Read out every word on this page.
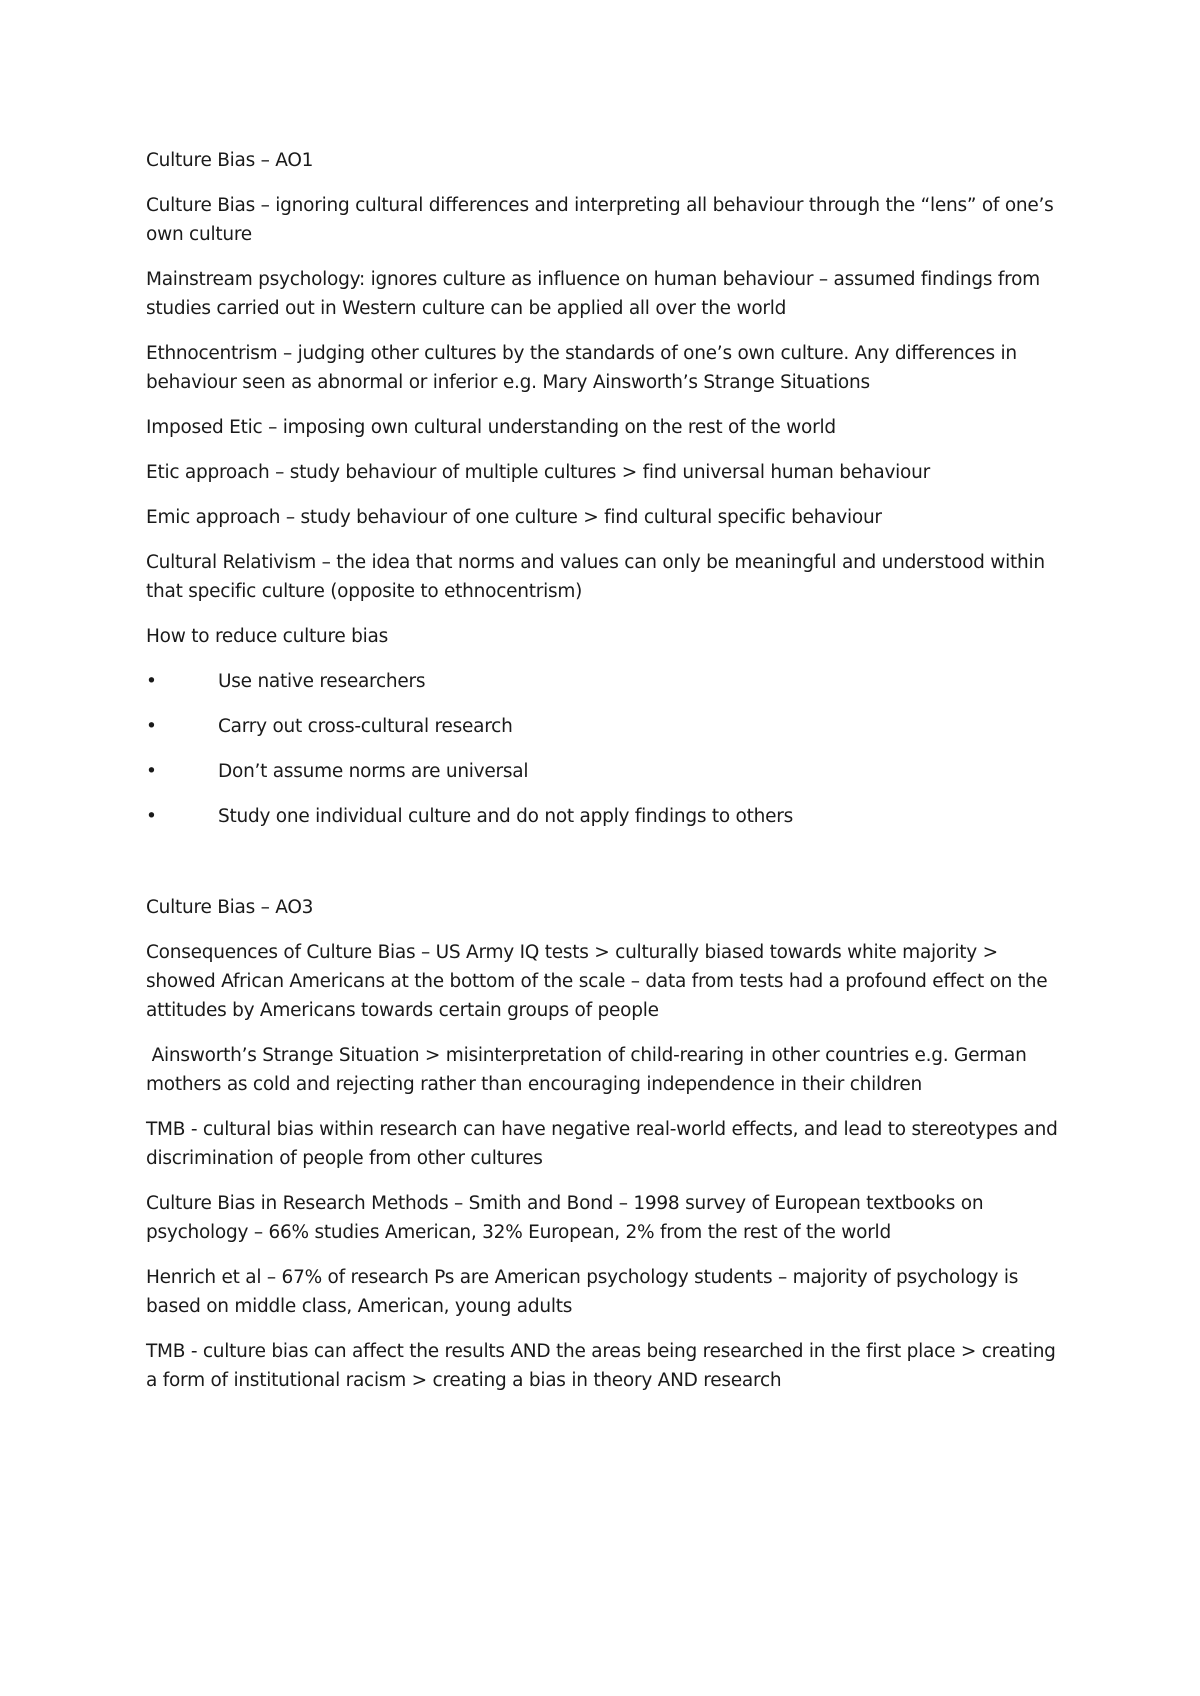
Culture Bias – AO1

Culture Bias – ignoring cultural differences and interpreting all behaviour through the “lens” of one’s own culture

Mainstream psychology: ignores culture as influence on human behaviour – assumed findings from studies carried out in Western culture can be applied all over the world

Ethnocentrism – judging other cultures by the standards of one’s own culture. Any differences in behaviour seen as abnormal or inferior e.g. Mary Ainsworth’s Strange Situations

Imposed Etic – imposing own cultural understanding on the rest of the world

Etic approach – study behaviour of multiple cultures > find universal human behaviour

Emic approach – study behaviour of one culture > find cultural specific behaviour

Cultural Relativism – the idea that norms and values can only be meaningful and understood within that specific culture (opposite to ethnocentrism)

How to reduce culture bias

•	Use native researchers
•	Carry out cross-cultural research
•	Don’t assume norms are universal
•	Study one individual culture and do not apply findings to others

Culture Bias – AO3

Consequences of Culture Bias – US Army IQ tests > culturally biased towards white majority > showed African Americans at the bottom of the scale – data from tests had a profound effect on the attitudes by Americans towards certain groups of people

Ainsworth’s Strange Situation > misinterpretation of child-rearing in other countries e.g. German mothers as cold and rejecting rather than encouraging independence in their children

TMB - cultural bias within research can have negative real-world effects, and lead to stereotypes and discrimination of people from other cultures

Culture Bias in Research Methods – Smith and Bond – 1998 survey of European textbooks on psychology – 66% studies American, 32% European, 2% from the rest of the world

Henrich et al – 67% of research Ps are American psychology students – majority of psychology is based on middle class, American, young adults

TMB - culture bias can affect the results AND the areas being researched in the first place > creating a form of institutional racism > creating a bias in theory AND research
